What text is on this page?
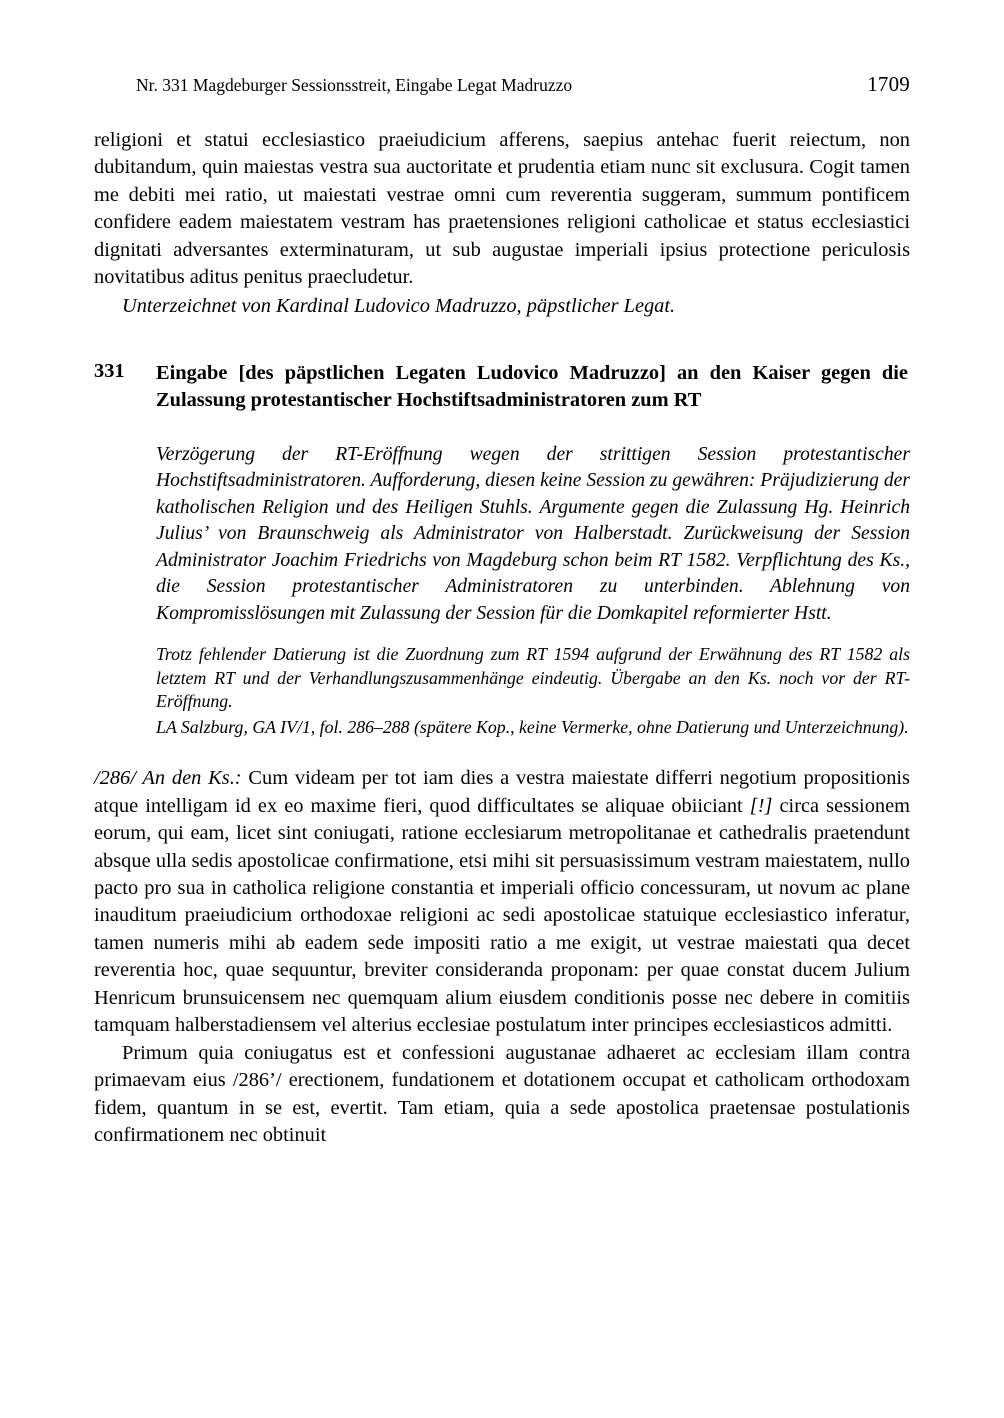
Nr. 331 Magdeburger Sessionsstreit, Eingabe Legat Madruzzo	1709

religioni et statui ecclesiastico praeiudicium afferens, saepius antehac fuerit reiectum, non dubitandum, quin maiestas vestra sua auctoritate et prudentia etiam nunc sit exclusura. Cogit tamen me debiti mei ratio, ut maiestati vestrae omni cum reverentia suggeram, summum pontificem confidere eadem maiestatem vestram has praetensiones religioni catholicae et status ecclesiastici dignitati adversantes exterminaturam, ut sub augustae imperiali ipsius protectione periculosis novitatibus aditus penitus praecludetur.

Unterzeichnet von Kardinal Ludovico Madruzzo, päpstlicher Legat.

331	Eingabe [des päpstlichen Legaten Ludovico Madruzzo] an den Kaiser gegen die Zulassung protestantischer Hochstiftsadministratoren zum RT

Verzögerung der RT-Eröffnung wegen der strittigen Session protestantischer Hochstiftsadministratoren. Aufforderung, diesen keine Session zu gewähren: Präjudizierung der katholischen Religion und des Heiligen Stuhls. Argumente gegen die Zulassung Hg. Heinrich Julius’ von Braunschweig als Administrator von Halberstadt. Zurückweisung der Session Administrator Joachim Friedrichs von Magdeburg schon beim RT 1582. Verpflichtung des Ks., die Session protestantischer Administratoren zu unterbinden. Ablehnung von Kompromisslösungen mit Zulassung der Session für die Domkapitel reformierter Hstt.

Trotz fehlender Datierung ist die Zuordnung zum RT 1594 aufgrund der Erwähnung des RT 1582 als letztem RT und der Verhandlungszusammenhänge eindeutig. Übergabe an den Ks. noch vor der RT-Eröffnung.

LA Salzburg, GA IV/1, fol. 286–288 (spätere Kop., keine Vermerke, ohne Datierung und Unterzeichnung).

/286/ An den Ks.: Cum videam per tot iam dies a vestra maiestate differri negotium propositionis atque intelligam id ex eo maxime fieri, quod difficultates se aliquae obiiciant [!] circa sessionem eorum, qui eam, licet sint coniugati, ratione ecclesiarum metropolitanae et cathedralis praetendunt absque ulla sedis apostolicae confirmatione, etsi mihi sit persuasissimum vestram maiestatem, nullo pacto pro sua in catholica religione constantia et imperiali officio concessuram, ut novum ac plane inauditum praeiudicium orthodoxae religioni ac sedi apostolicae statuique ecclesiastico inferatur, tamen numeris mihi ab eadem sede impositi ratio a me exigit, ut vestrae maiestati qua decet reverentia hoc, quae sequuntur, breviter consideranda proponam: per quae constat ducem Julium Henricum brunsuicensem nec quemquam alium eiusdem conditionis posse nec debere in comitiis tamquam halberstadiensem vel alterius ecclesiae postulatum inter principes ecclesiasticos admitti.

Primum quia coniugatus est et confessioni augustanae adhaeret ac ecclesiam illam contra primaevam eius /286’/ erectionem, fundationem et dotationem occupat et catholicam orthodoxam fidem, quantum in se est, evertit. Tam etiam, quia a sede apostolica praetensae postulationis confirmationem nec obtinuit
